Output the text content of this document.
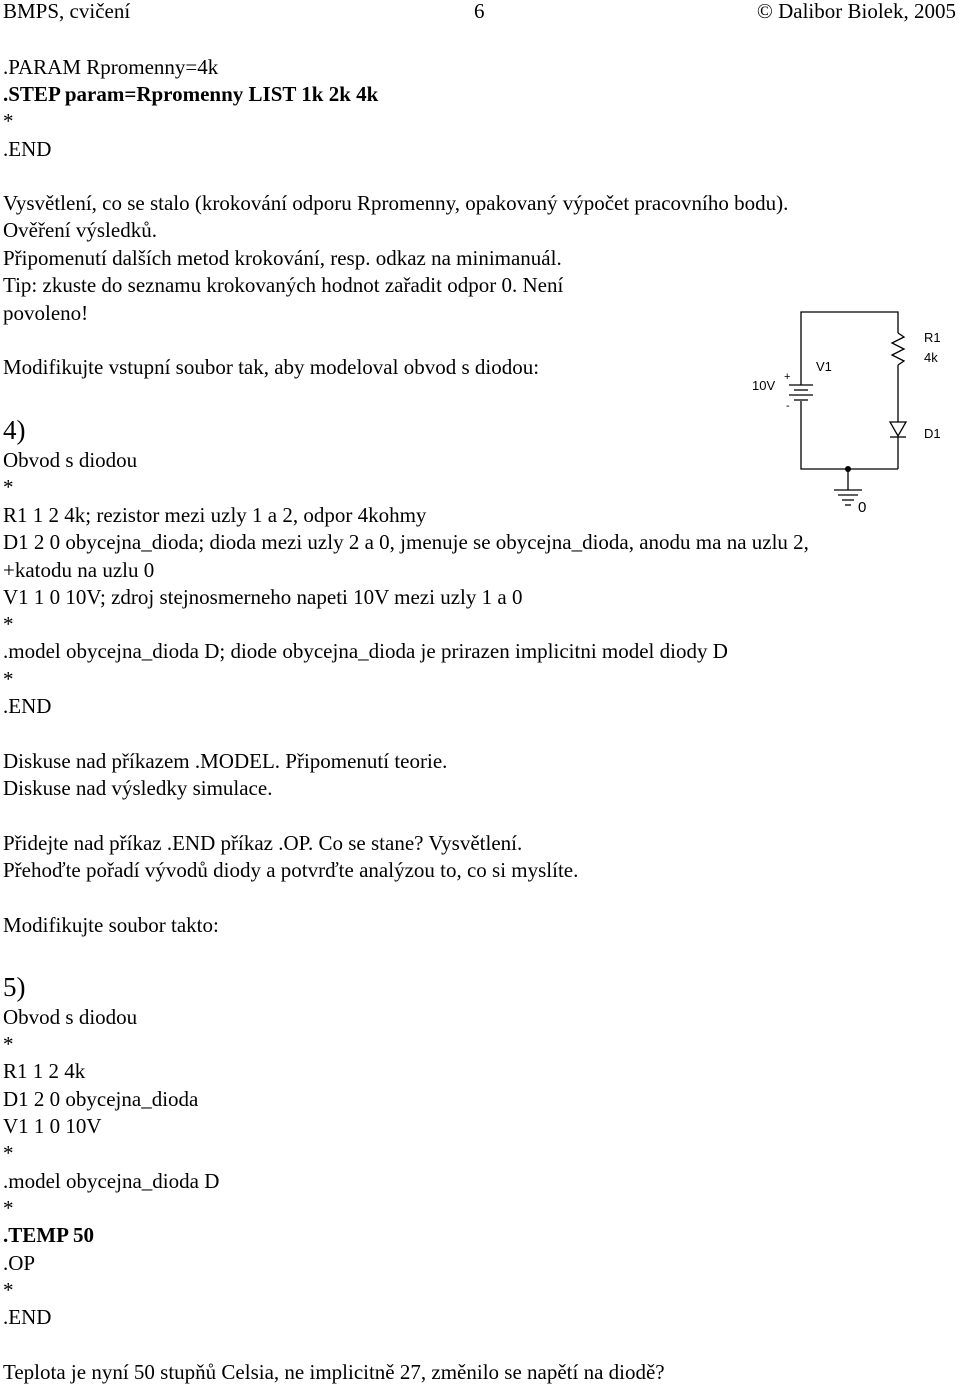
BMPS, cvičení	6	© Dalibor Biolek, 2005
.PARAM Rpromenny=4k
.STEP param=Rpromenny LIST 1k 2k 4k
*
.END
Vysvětlení, co se stalo (krokování odporu Rpromenny, opakovaný výpočet pracovního bodu).
Ověření výsledků.
Připomenutí dalších metod krokování, resp. odkaz na minimanuál.
Tip: zkuste do seznamu krokovaných hodnot zařadit odpor 0. Není
povoleno!
Modifikujte vstupní soubor tak, aby modeloval obvod s diodou:
4)
Obvod s diodou
*
R1 1 2 4k; rezistor mezi uzly 1 a 2, odpor 4kohmy
D1 2 0 obycejna_dioda; dioda mezi uzly 2 a 0, jmenuje se obycejna_dioda, anodu ma na uzlu 2,
+katodu na uzlu 0
V1 1 0 10V; zdroj stejnosmerneho napeti 10V mezi uzly 1 a 0
*
.model obycejna_dioda D; diode obycejna_dioda je prirazen implicitni model diody D
*
.END
Diskuse nad příkazem .MODEL. Připomenutí teorie.
Diskuse nad výsledky simulace.
Přidejte nad příkaz .END příkaz .OP. Co se stane? Vysvětlení.
Přehoďte pořadí vývodů diody a potvrďte analýzou to, co si myslíte.
Modifikujte soubor takto:
5)
Obvod s diodou
*
R1 1 2 4k
D1 2 0 obycejna_dioda
V1 1 0 10V
*
.model obycejna_dioda D
*
.TEMP 50
.OP
*
.END
Teplota je nyní 50 stupňů Celsia, ne implicitně 27, změnilo se napětí na diodě?
+
-
10V
V1
R1
4k
D1
0
